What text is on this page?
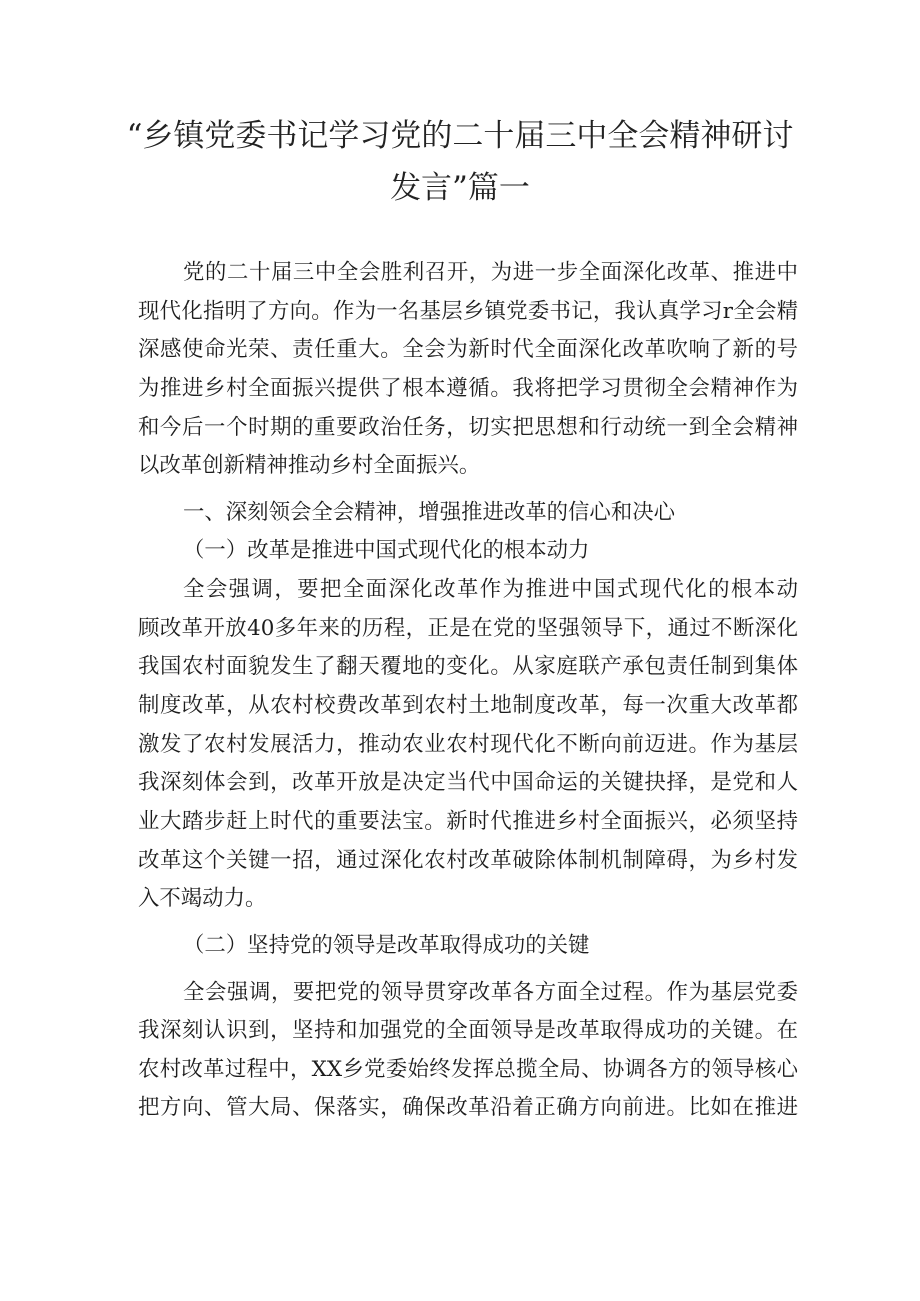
“乡镇党委书记学习党的二十届三中全会精神研讨
发言”篇一
党的二十届三中全会胜利召开，为进一步全面深化改革、推进中
现代化指明了方向。作为一名基层乡镇党委书记，我认真学习r全会精
深感使命光荣、责任重大。全会为新时代全面深化改革吹响了新的号
为推进乡村全面振兴提供了根本遵循。我将把学习贯彻全会精神作为
和今后一个时期的重要政治任务，切实把思想和行动统一到全会精神
以改革创新精神推动乡村全面振兴。
一、深刻领会全会精神，增强推进改革的信心和决心
（一）改革是推进中国式现代化的根本动力
全会强调，要把全面深化改革作为推进中国式现代化的根本动
顾改革开放40多年来的历程，正是在党的坚强领导下，通过不断深化
我国农村面貌发生了翻天覆地的变化。从家庭联产承包责任制到集体
制度改革，从农村校费改革到农村土地制度改革，每一次重大改革都
激发了农村发展活力，推动农业农村现代化不断向前迈进。作为基层
我深刻体会到，改革开放是决定当代中国命运的关键抉择，是党和人
业大踏步赶上时代的重要法宝。新时代推进乡村全面振兴，必须坚持
改革这个关键一招，通过深化农村改革破除体制机制障碍，为乡村发
入不竭动力。
（二）坚持党的领导是改革取得成功的关键
全会强调，要把党的领导贯穿改革各方面全过程。作为基层党委
我深刻认识到，坚持和加强党的全面领导是改革取得成功的关键。在
农村改革过程中，XX乡党委始终发挥总揽全局、协调各方的领导核心
把方向、管大局、保落实，确保改革沿着正确方向前进。比如在推进
